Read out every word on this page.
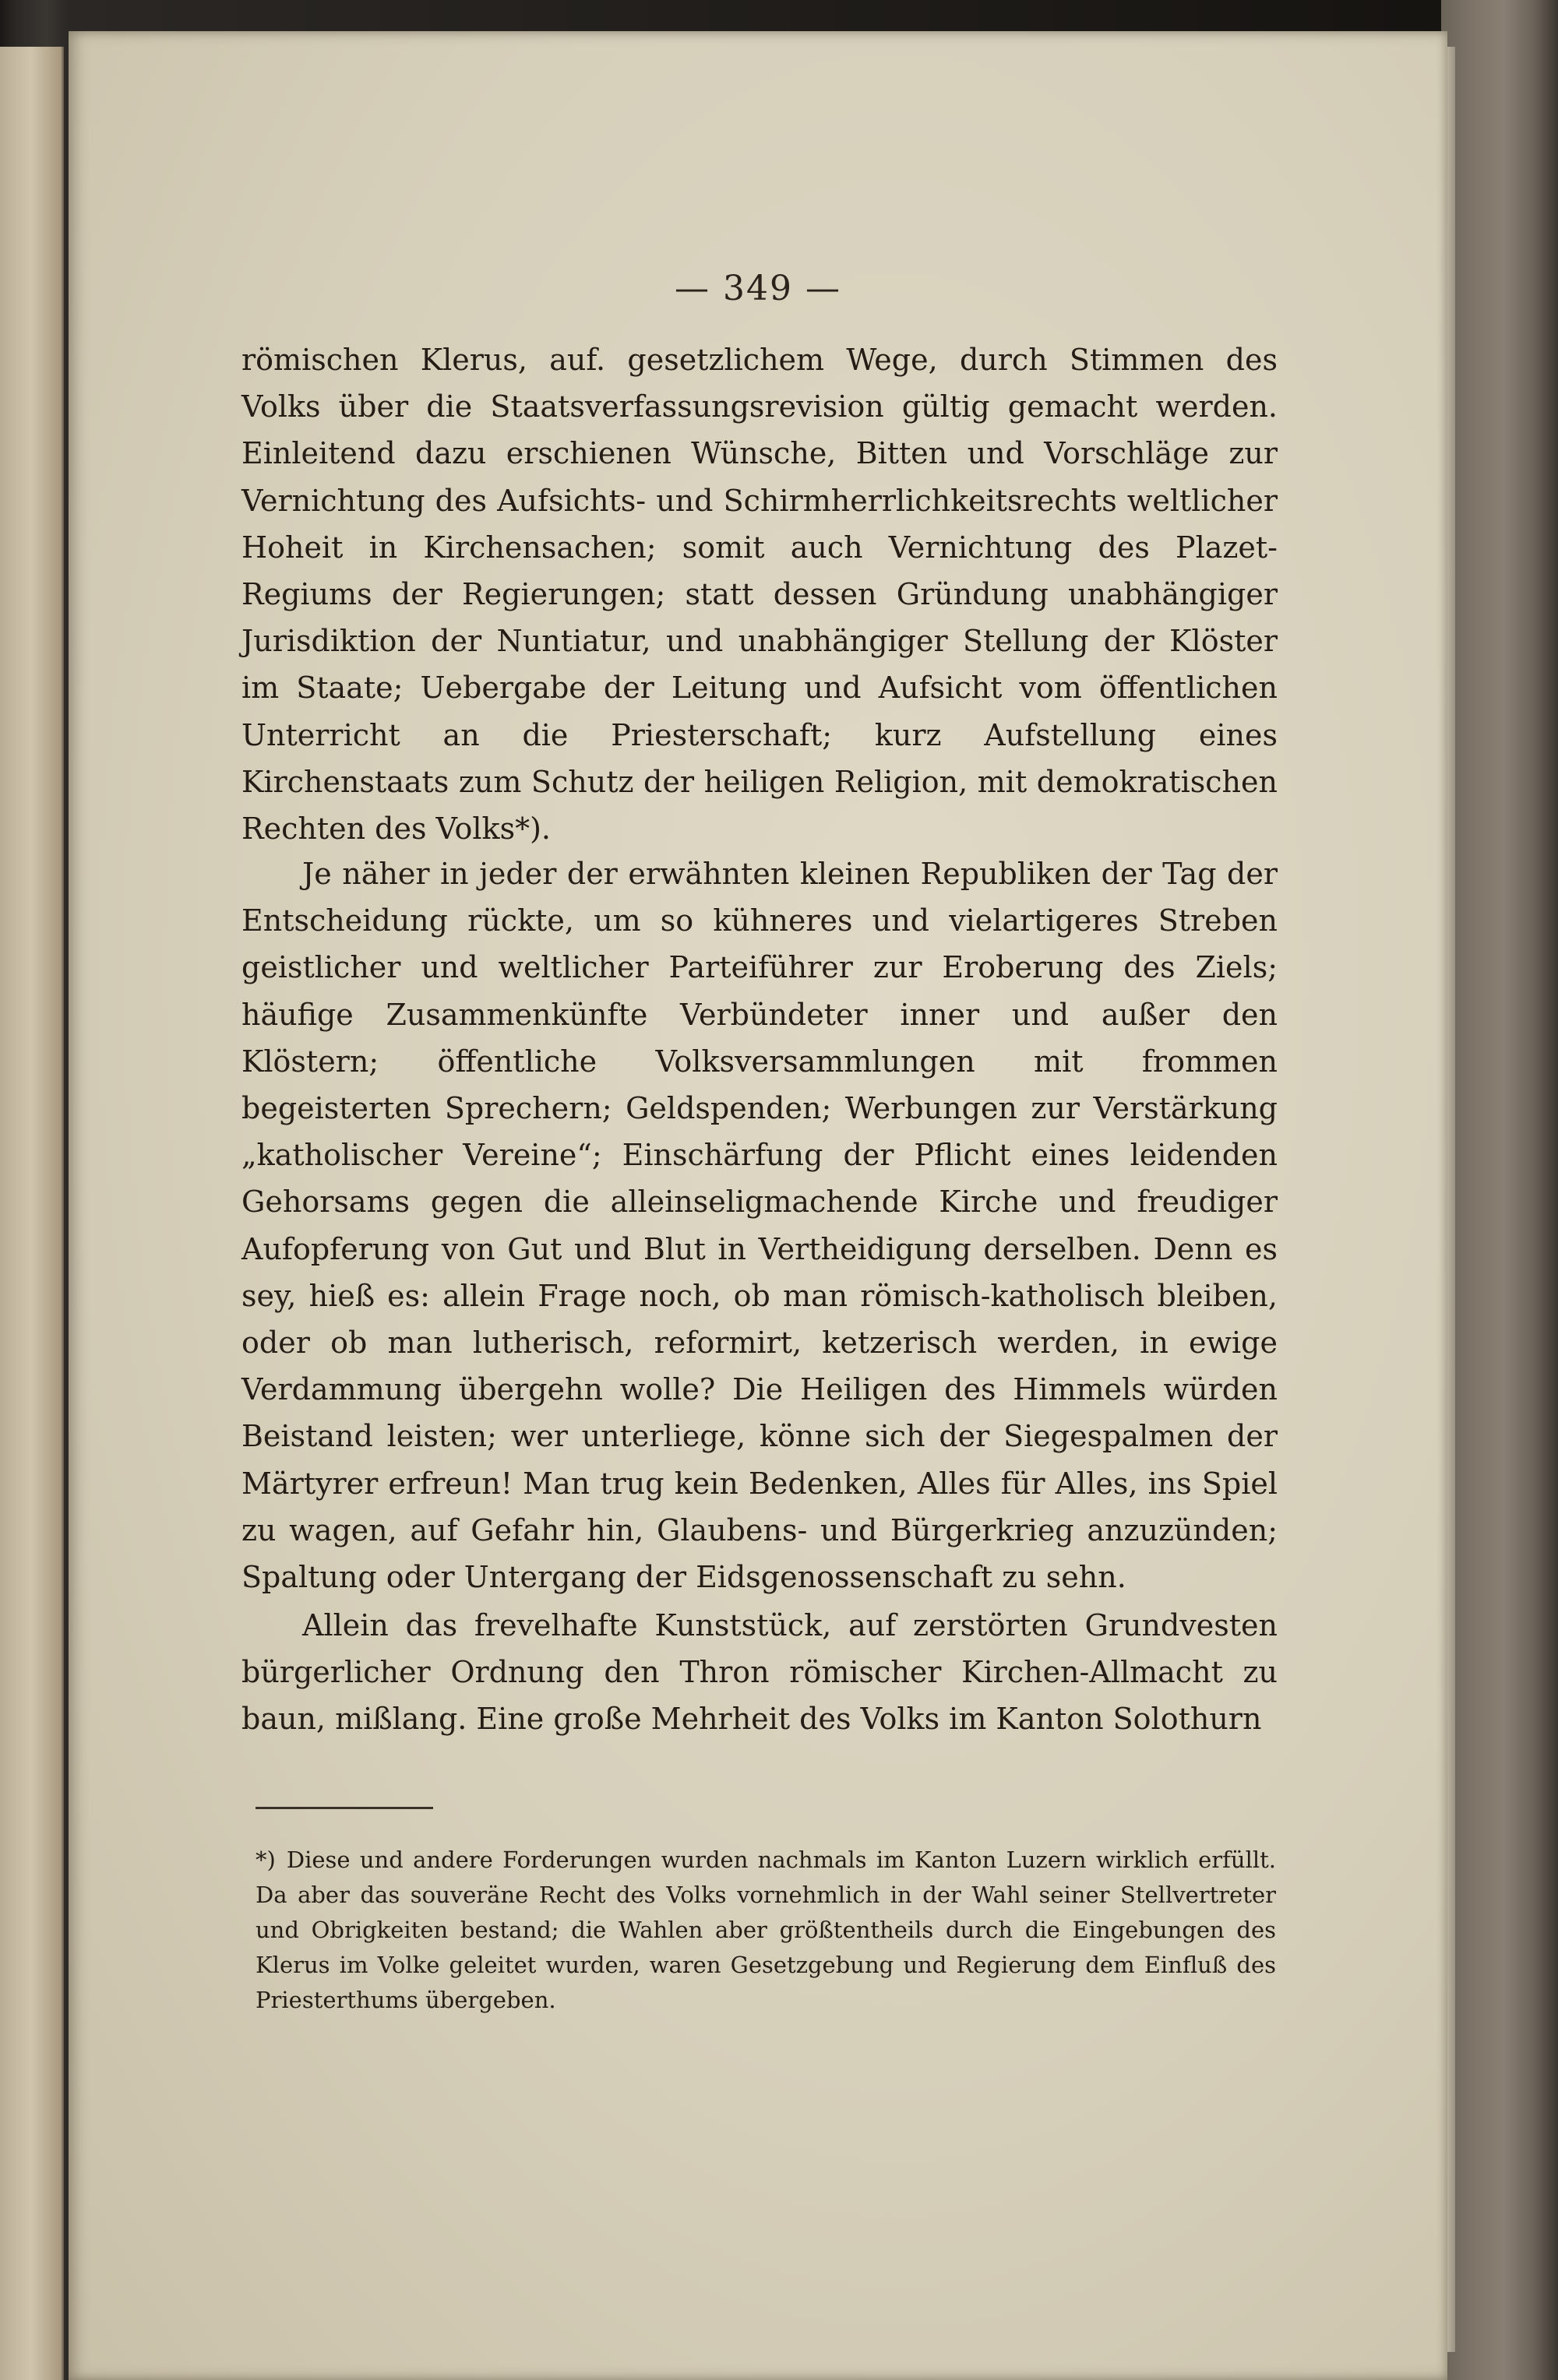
— 349 —

römischen Klerus, auf. gesetzlichem Wege, durch Stimmen des Volks über die Staatsverfassungsrevision gültig gemacht werden. Einleitend dazu erschienen Wünsche, Bitten und Vorschläge zur Vernichtung des Aufsichts- und Schirmherrlichkeitsrechts weltlicher Hoheit in Kirchensachen; somit auch Vernichtung des Plazet-Regiums der Regierungen; statt dessen Gründung unabhängiger Jurisdiktion der Nuntiatur, und unabhängiger Stellung der Klöster im Staate; Uebergabe der Leitung und Aufsicht vom öffentlichen Unterricht an die Priesterschaft; kurz Aufstellung eines Kirchenstaats zum Schutz der heiligen Religion, mit demokratischen Rechten des Volks*).

Je näher in jeder der erwähnten kleinen Republiken der Tag der Entscheidung rückte, um so kühneres und vielartigeres Streben geistlicher und weltlicher Parteiführer zur Eroberung des Ziels; häufige Zusammenkünfte Verbündeter inner und außer den Klöstern; öffentliche Volksversammlungen mit frommen begeisterten Sprechern; Geldspenden; Werbungen zur Verstärkung „katholischer Vereine“; Einschärfung der Pflicht eines leidenden Gehorsams gegen die alleinseligmachende Kirche und freudiger Aufopferung von Gut und Blut in Vertheidigung derselben. Denn es sey, hieß es: allein Frage noch, ob man römisch-katholisch bleiben, oder ob man lutherisch, reformirt, ketzerisch werden, in ewige Verdammung übergehn wolle? Die Heiligen des Himmels würden Beistand leisten; wer unterliege, könne sich der Siegespalmen der Märtyrer erfreun! Man trug kein Bedenken, Alles für Alles, ins Spiel zu wagen, auf Gefahr hin, Glaubens- und Bürgerkrieg anzuzünden; Spaltung oder Untergang der Eidsgenossenschaft zu sehn.

Allein das frevelhafte Kunststück, auf zerstörten Grundvesten bürgerlicher Ordnung den Thron römischer Kirchen-Allmacht zu baun, mißlang. Eine große Mehrheit des Volks im Kanton Solothurn

*) Diese und andere Forderungen wurden nachmals im Kanton Luzern wirklich erfüllt. Da aber das souveräne Recht des Volks vornehmlich in der Wahl seiner Stellvertreter und Obrigkeiten bestand; die Wahlen aber größtentheils durch die Eingebungen des Klerus im Volke geleitet wurden, waren Gesetzgebung und Regierung dem Einfluß des Priesterthums übergeben.
